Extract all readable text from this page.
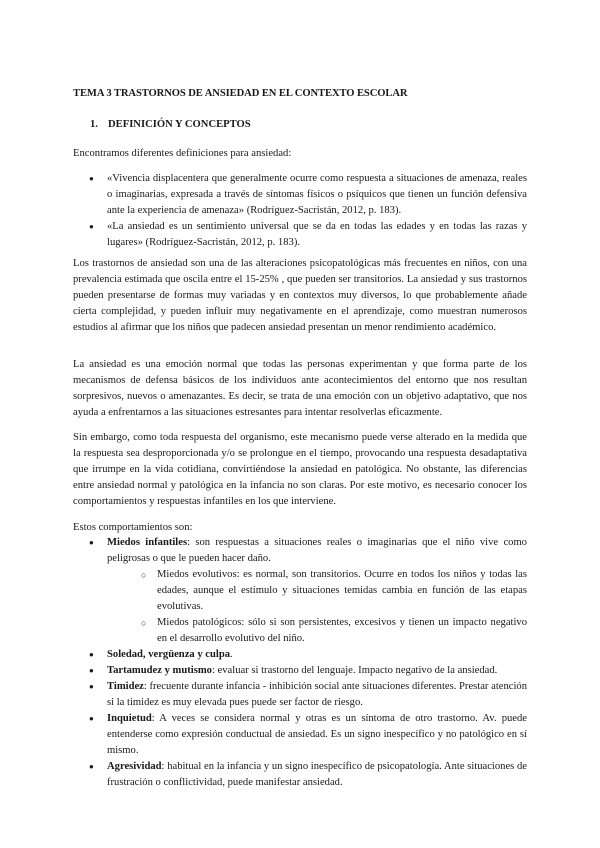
TEMA 3 TRASTORNOS DE ANSIEDAD EN EL CONTEXTO ESCOLAR
1. DEFINICIÓN Y CONCEPTOS

Encontramos diferentes definiciones para ansiedad:

● «Vivencia displacentera que generalmente ocurre como respuesta a situaciones de amenaza, reales o imaginarias, expresada a través de síntomas físicos o psíquicos que tienen un función defensiva ante la experiencia de amenaza» (Rodríguez-Sacristán, 2012, p. 183).
● «La ansiedad es un sentimiento universal que se da en todas las edades y en todas las razas y lugares» (Rodríguez-Sacristán, 2012, p. 183).

Los trastornos de ansiedad son una de las alteraciones psicopatológicas más frecuentes en niños, con una prevalencia estimada que oscila entre el 15-25% , que pueden ser transitorios. La ansiedad y sus trastornos pueden presentarse de formas muy variadas y en contextos muy diversos, lo que probablemente añade cierta complejidad, y pueden influir muy negativamente en el aprendizaje, como muestran numerosos estudios al afirmar que los niños que padecen ansiedad presentan un menor rendimiento académico.

La ansiedad es una emoción normal que todas las personas experimentan y que forma parte de los mecanismos de defensa básicos de los individuos ante acontecimientos del entorno que nos resultan sorpresivos, nuevos o amenazantes. Es decir, se trata de una emoción con un objetivo adaptativo, que nos ayuda a enfrentarnos a las situaciones estresantes para intentar resolverlas eficazmente.

Sin embargo, como toda respuesta del organismo, este mecanismo puede verse alterado en la medida que la respuesta sea desproporcionada y/o se prolongue en el tiempo, provocando una respuesta desadaptativa que irrumpe en la vida cotidiana, convirtiéndose la ansiedad en patológica. No obstante, las diferencias entre ansiedad normal y patológica en la infancia no son claras. Por este motivo, es necesario conocer los comportamientos y respuestas infantiles en los que interviene.

Estos comportamientos son:

● Miedos infantiles: son respuestas a situaciones reales o imaginarias que el niño vive como peligrosas o que le pueden hacer daño.
○ Miedos evolutivos: es normal, son transitorios. Ocurre en todos los niños y todas las edades, aunque el estímulo y situaciones temidas cambia en función de las etapas evolutivas.
○ Miedos patológicos: sólo si son persistentes, excesivos y tienen un impacto negativo en el desarrollo evolutivo del niño.
● Soledad, vergüenza y culpa.
● Tartamudez y mutismo: evaluar si trastorno del lenguaje. Impacto negativo de la ansiedad.
● Timidez: frecuente durante infancia - inhibición social ante situaciones diferentes. Prestar atención si la timidez es muy elevada pues puede ser factor de riesgo.
● Inquietud: A veces se considera normal y otras es un síntoma de otro trastorno. Av. puede entenderse como expresión conductual de ansiedad. Es un signo inespecífico y no patológico en sí mismo.
● Agresividad: habitual en la infancia y un signo inespecífico de psicopatología. Ante situaciones de frustración o conflictividad, puede manifestar ansiedad.
